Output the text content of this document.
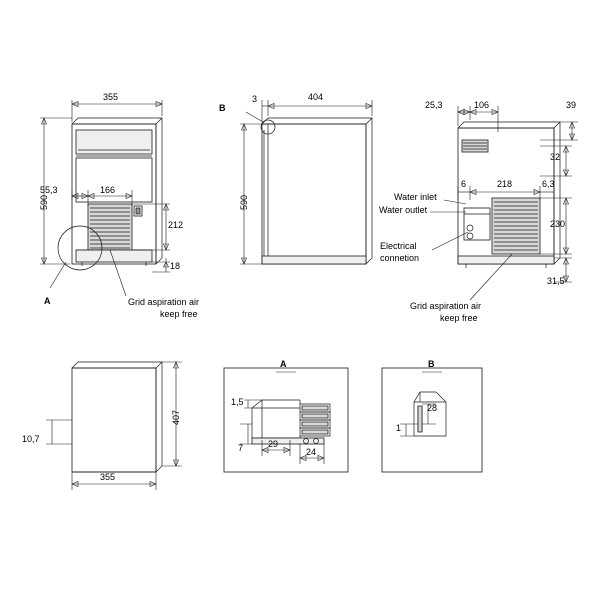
355
590
55,3	166
212
18
A	Grid aspiration air
keep free
B
3	404
590
25,3	106	39
32
6	218	6,3
230
31,5
Water inlet
Water outlet
Electrical
connetion
Grid aspiration air
keep free
407
10,7
355
A
1,5
7	29
24
B
28
1
